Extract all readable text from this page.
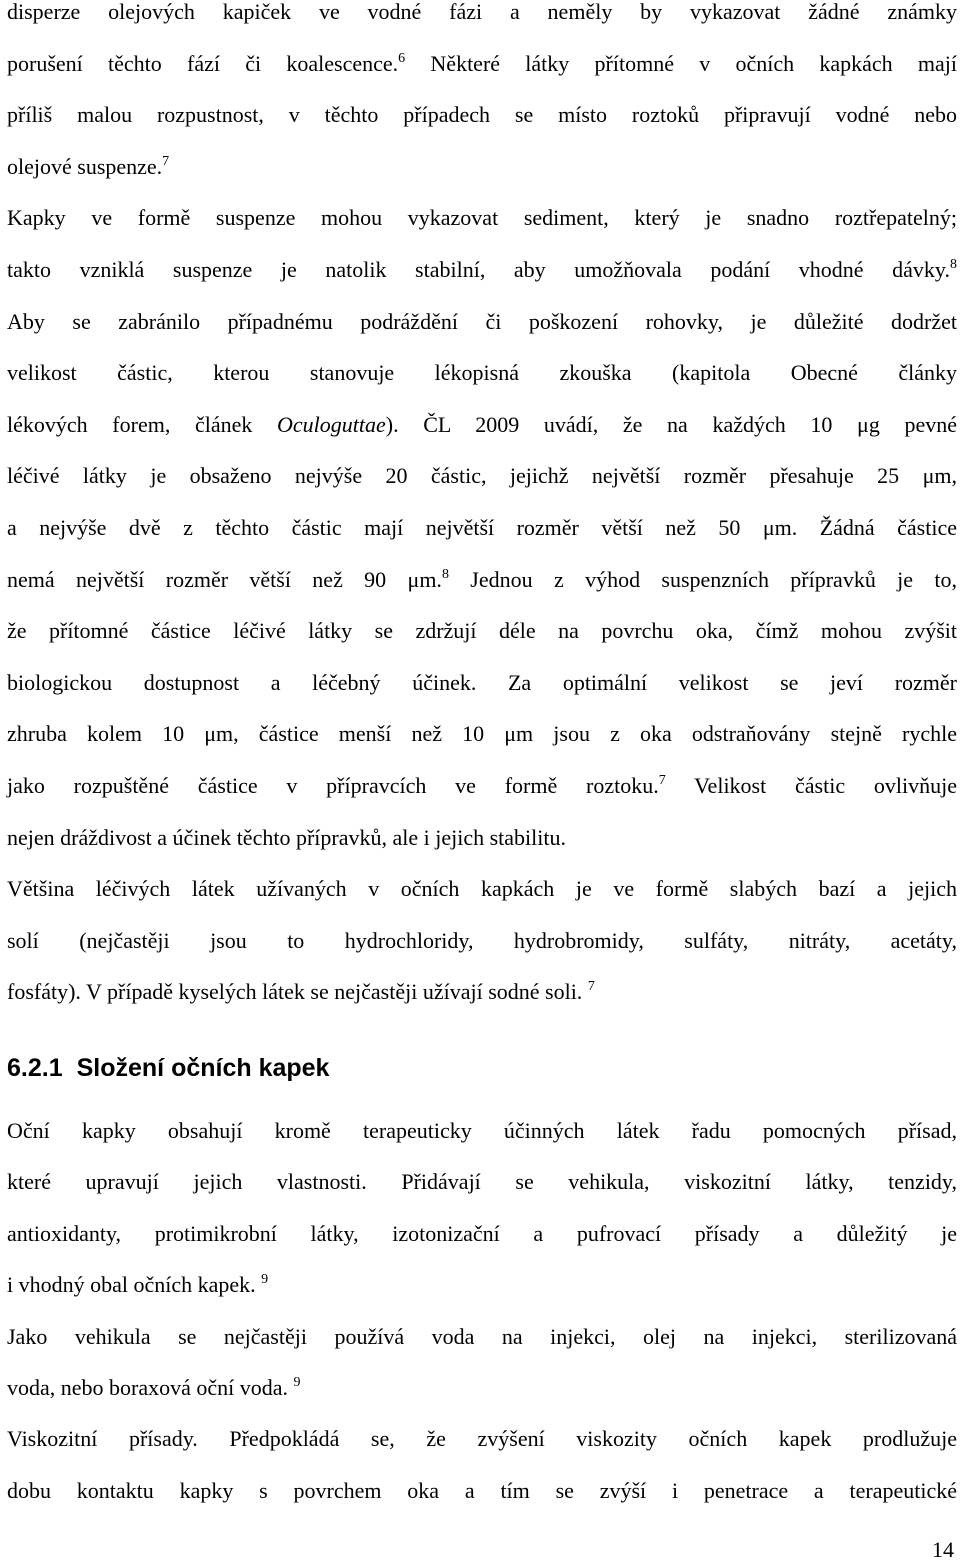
disperze olejových kapiček ve vodné fázi a neměly by vykazovat žádné známky
porušení těchto fází či koalescence.$^6$ Některé látky přítomné v očních kapkách mají
příliš malou rozpustnost, v těchto případech se místo roztoků připravují vodné nebo
olejové suspenze.$^7$
Kapky ve formě suspenze mohou vykazovat sediment, který je snadno roztřepatelný;
takto vzniklá suspenze je natolik stabilní, aby umožňovala podání vhodné dávky.$^8$
Aby se zabránilo případnému podráždění či poškození rohovky, je důležité dodržet
velikost částic, kterou stanovuje lékopisná zkouška (kapitola Obecné články
lékových forem, článek Oculoguttae). ČL 2009 uvádí, že na každých 10 μg pevné
léčivé látky je obsaženo nejvýše 20 částic, jejichž největší rozměr přesahuje 25 μm,
a nejvýše dvě z těchto částic mají největší rozměr větší než 50 μm. Žádná částice
nemá největší rozměr větší než 90 μm.$^8$ Jednou z výhod suspenzních přípravků je to,
že přítomné částice léčivé látky se zdržují déle na povrchu oka, čímž mohou zvýšit
biologickou dostupnost a léčebný účinek. Za optimální velikost se jeví rozměr
zhruba kolem 10 μm, částice menší než 10 μm jsou z oka odstraňovány stejně rychle
jako rozpuštěné částice v přípravcích ve formě roztoku.$^7$ Velikost částic ovlivňuje
nejen dráždivost a účinek těchto přípravků, ale i jejich stabilitu.
Většina léčivých látek užívaných v očních kapkách je ve formě slabých bazí a jejich
solí (nejčastěji jsou to hydrochloridy, hydrobromidy, sulfáty, nitráty, acetáty,
fosfáty). V případě kyselých látek se nejčastěji užívají sodné soli. $^7$
6.2.1 Složení očních kapek
Oční kapky obsahují kromě terapeuticky účinných látek řadu pomocných přísad,
které upravují jejich vlastnosti. Přidávají se vehikula, viskozitní látky, tenzidy,
antioxidanty, protimikrobní látky, izotonizační a pufrovací přísady a důležitý je
i vhodný obal očních kapek. $^9$
Jako vehikula se nejčastěji používá voda na injekci, olej na injekci, sterilizovaná
voda, nebo boraxová oční voda. $^9$
Viskozitní přísady. Předpokládá se, že zvýšení viskozity očních kapek prodlužuje
dobu kontaktu kapky s povrchem oka a tím se zvýší i penetrace a terapeutické
14
